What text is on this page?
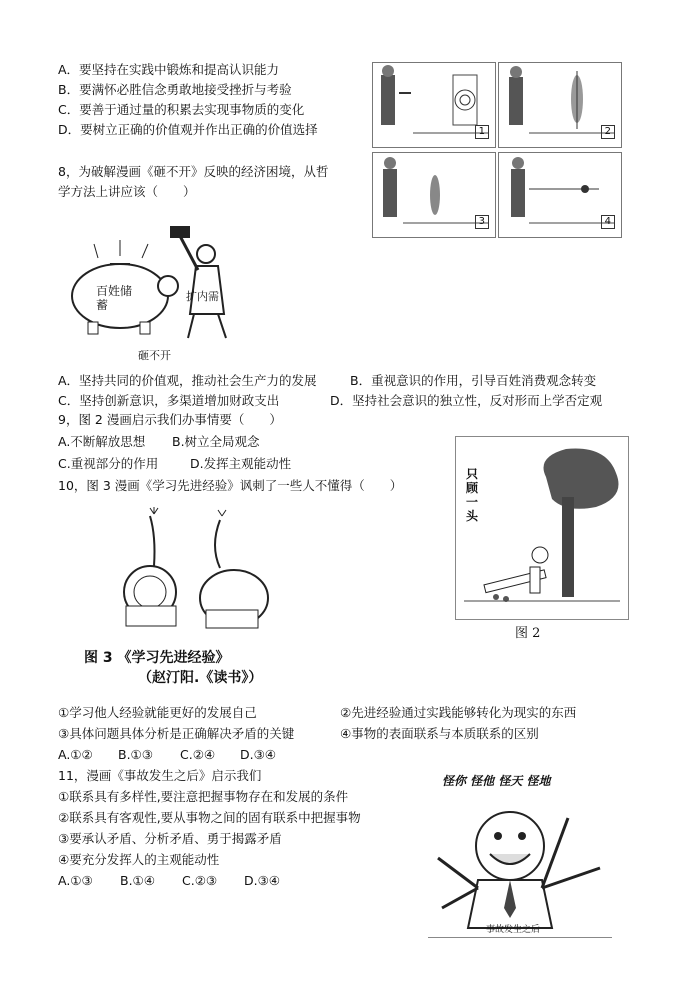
A．要坚持在实践中锻炼和提高认识能力
B．要满怀必胜信念勇敢地接受挫折与考验
C．要善于通过量的积累去实现事物质的变化
D．要树立正确的价值观并作出正确的价值选择	1	2
3	4
8，为破解漫画《砸不开》反映的经济困境，从哲
学方法上讲应该（　　）
百姓储蓄
扩内需
砸不开
A．坚持共同的价值观，推动社会生产力的发展	B．重视意识的作用，引导百姓消费观念转变
C．坚持创新意识，多渠道增加财政支出	D．坚持社会意识的独立性，反对形而上学否定观
9，图 2 漫画启示我们办事情要（　　）
A.不断解放思想 B.树立全局观念
C.重视部分的作用	D.发挥主观能动性
只顾一头
图 2
10，图 3 漫画《学习先进经验》讽刺了一些人不懂得（　　）
图 3 《学习先进经验》
（赵汀阳.《读书》）
①学习他人经验就能更好的发展自己	②先进经验通过实践能够转化为现实的东西
③具体问题具体分析是正确解决矛盾的关键	④事物的表面联系与本质联系的区别
A.①② B.①③ C.②④ D.③④
11，漫画《事故发生之后》启示我们
①联系具有多样性,要注意把握事物存在和发展的条件
②联系具有客观性,要从事物之间的固有联系中把握事物
③要承认矛盾、分析矛盾、勇于揭露矛盾
④要充分发挥人的主观能动性
A.①③ B.①④ C.②③ D.③④
怪你 怪他 怪天 怪地
事故发生之后
